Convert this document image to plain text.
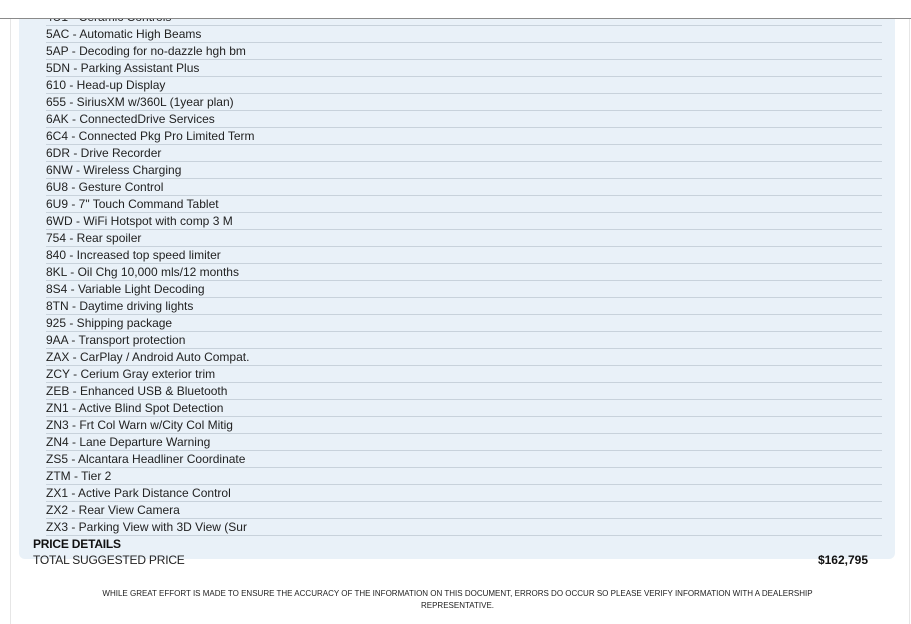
5AC - Automatic High Beams
5AP - Decoding for no-dazzle hgh bm
5DN - Parking Assistant Plus
610 - Head-up Display
655 - SiriusXM w/360L (1year plan)
6AK - ConnectedDrive Services
6C4 - Connected Pkg Pro Limited Term
6DR - Drive Recorder
6NW - Wireless Charging
6U8 - Gesture Control
6U9 - 7" Touch Command Tablet
6WD - WiFi Hotspot with comp 3 M
754 - Rear spoiler
840 - Increased top speed limiter
8KL - Oil Chg 10,000 mls/12 months
8S4 - Variable Light Decoding
8TN - Daytime driving lights
925 - Shipping package
9AA - Transport protection
ZAX - CarPlay / Android Auto Compat.
ZCY - Cerium Gray exterior trim
ZEB - Enhanced USB & Bluetooth
ZN1 - Active Blind Spot Detection
ZN3 - Frt Col Warn w/City Col Mitig
ZN4 - Lane Departure Warning
ZS5 - Alcantara Headliner Coordinate
ZTM - Tier 2
ZX1 - Active Park Distance Control
ZX2 - Rear View Camera
ZX3 - Parking View with 3D View (Sur
PRICE DETAILS
TOTAL SUGGESTED PRICE	$162,795
WHILE GREAT EFFORT IS MADE TO ENSURE THE ACCURACY OF THE INFORMATION ON THIS DOCUMENT, ERRORS DO OCCUR SO PLEASE VERIFY INFORMATION WITH A DEALERSHIP REPRESENTATIVE.
